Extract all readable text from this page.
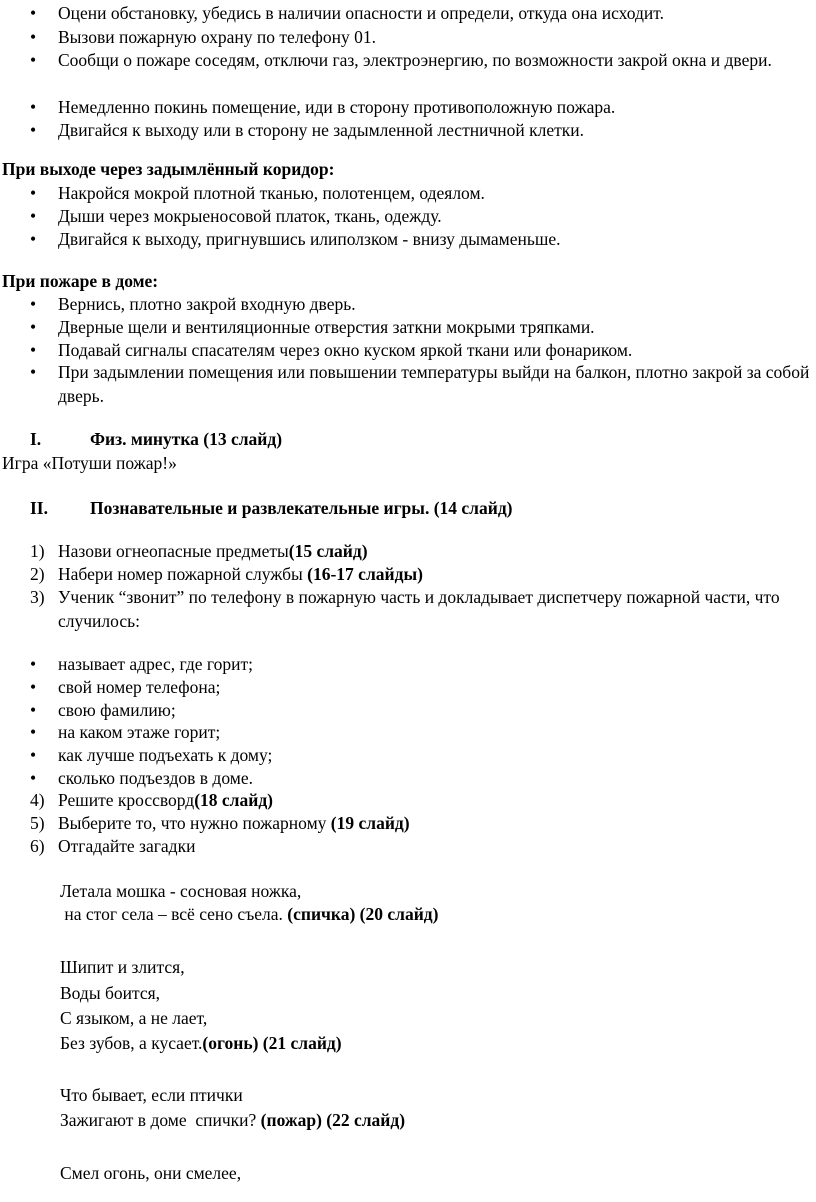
•	Оцени обстановку, убедись в наличии опасности и определи, откуда она исходит.
•	Вызови пожарную охрану по телефону 01.
•	Сообщи о пожаре соседям, отключи газ, электроэнергию, по возможности закрой окна и двери.
•	Немедленно покинь помещение, иди в сторону противоположную пожара.
•	Двигайся к выходу или в сторону не задымленной лестничной клетки.
При выходе через задымлённый коридор:
•	Накройся мокрой плотной тканью, полотенцем, одеялом.
•	Дыши через мокрыеносовой платок, ткань, одежду.
•	Двигайся к выходу, пригнувшись илиползком - внизу дымаменьше.
При пожаре в доме:
•	Вернись, плотно закрой входную дверь.
•	Дверные щели и вентиляционные отверстия заткни мокрыми тряпками.
•	Подавай сигналы спасателям через окно куском яркой ткани или фонариком.
•	При задымлении помещения или повышении температуры выйди на балкон, плотно закрой за собой дверь.
I.	Физ. минутка (13 слайд)
Игра «Потуши пожар!»
II. Познавательные и развлекательные игры. (14 слайд)
1) Назови огнеопасные предметы(15 слайд)
2) Набери номер пожарной службы (16-17 слайды)
3) Ученик “звонит” по телефону в пожарную часть и докладывает диспетчеру пожарной части, что случилось:
•	называет адрес, где горит;
•	свой номер телефона;
•	свою фамилию;
•	на каком этаже горит;
•	как лучше подъехать к дому;
•	сколько подъездов в доме.
4) Решите кроссворд(18 слайд)
5) Выберите то, что нужно пожарному (19 слайд)
6) Отгадайте загадки
Летала мошка - сосновая ножка,
на стог села – всё сено съела. (спичка) (20 слайд)
Шипит и злится,
Воды боится,
С языком, а не лает,
Без зубов, а кусает.(огонь) (21 слайд)
Что бывает, если птички
Зажигают в доме  спички? (пожар) (22 слайд)
Смел огонь, они смелее,
